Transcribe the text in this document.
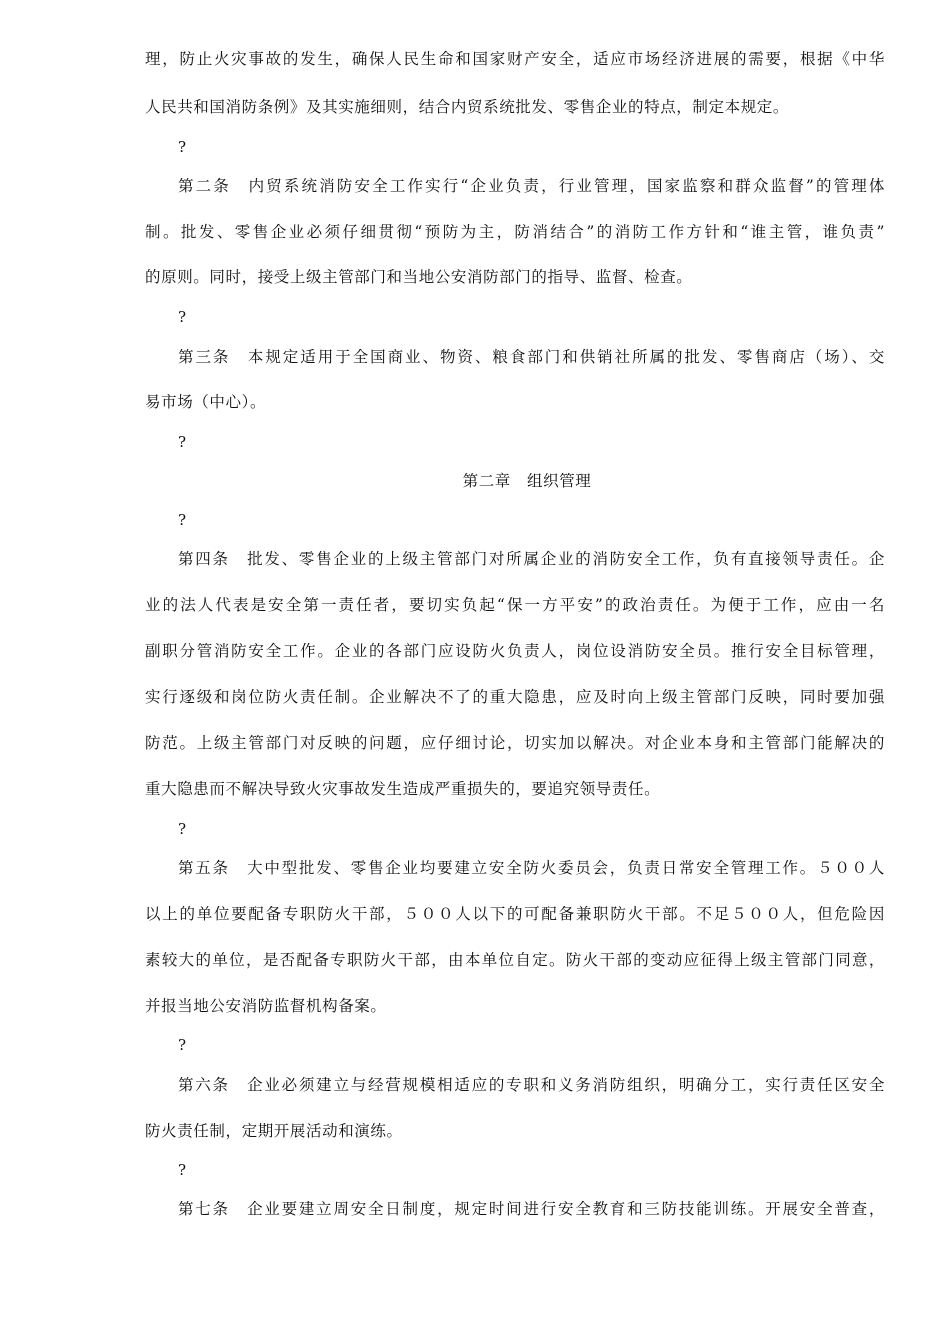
理，防止火灾事故的发生，确保人民生命和国家财产安全，适应市场经济进展的需要，根据《中华
人民共和国消防条例》及其实施细则，结合内贸系统批发、零售企业的特点，制定本规定。
?
第二条　内贸系统消防安全工作实行“企业负责，行业管理，国家监察和群众监督”的管理体
制。批发、零售企业必须仔细贯彻“预防为主，防消结合”的消防工作方针和“谁主管，谁负责”
的原则。同时，接受上级主管部门和当地公安消防部门的指导、监督、检查。
?
第三条　本规定适用于全国商业、物资、粮食部门和供销社所属的批发、零售商店（场）、交
易市场（中心）。
?
第二章　组织管理
?
第四条　批发、零售企业的上级主管部门对所属企业的消防安全工作，负有直接领导责任。企
业的法人代表是安全第一责任者，要切实负起“保一方平安”的政治责任。为便于工作，应由一名
副职分管消防安全工作。企业的各部门应设防火负责人，岗位设消防安全员。推行安全目标管理，
实行逐级和岗位防火责任制。企业解决不了的重大隐患，应及时向上级主管部门反映，同时要加强
防范。上级主管部门对反映的问题，应仔细讨论，切实加以解决。对企业本身和主管部门能解决的
重大隐患而不解决导致火灾事故发生造成严重损失的，要追究领导责任。
?
第五条　大中型批发、零售企业均要建立安全防火委员会，负责日常安全管理工作。５００人
以上的单位要配备专职防火干部，５００人以下的可配备兼职防火干部。不足５００人，但危险因
素较大的单位，是否配备专职防火干部，由本单位自定。防火干部的变动应征得上级主管部门同意，
并报当地公安消防监督机构备案。
?
第六条　企业必须建立与经营规模相适应的专职和义务消防组织，明确分工，实行责任区安全
防火责任制，定期开展活动和演练。
?
第七条　企业要建立周安全日制度，规定时间进行安全教育和三防技能训练。开展安全普查，
